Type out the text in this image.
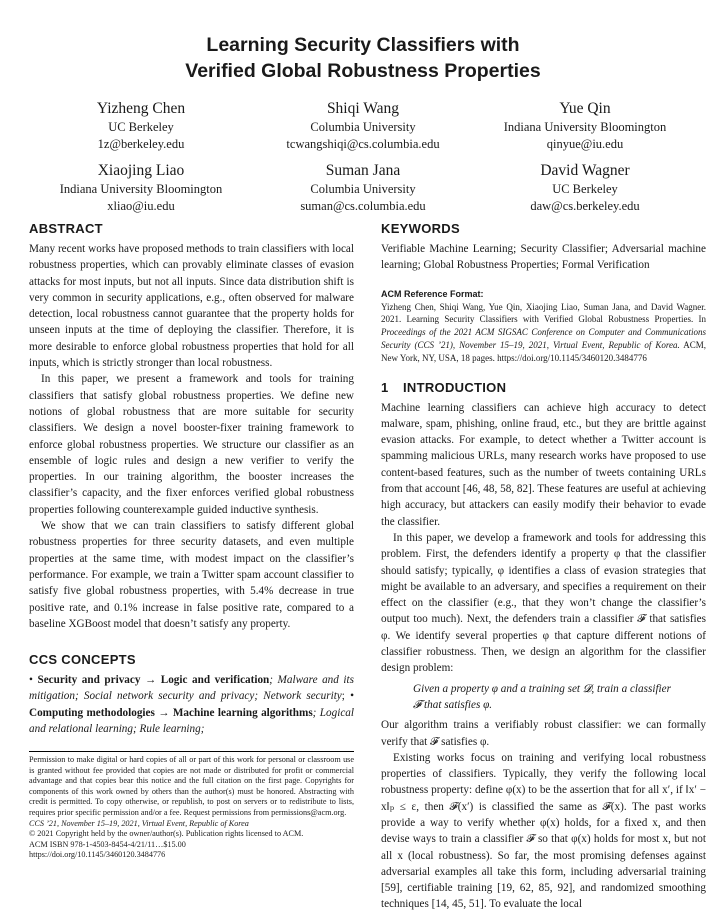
Learning Security Classifiers with
Verified Global Robustness Properties
Yizheng Chen
UC Berkeley
1z@berkeley.edu
Shiqi Wang
Columbia University
tcwangshiqi@cs.columbia.edu
Yue Qin
Indiana University Bloomington
qinyue@iu.edu
Xiaojing Liao
Indiana University Bloomington
xliao@iu.edu
Suman Jana
Columbia University
suman@cs.columbia.edu
David Wagner
UC Berkeley
daw@cs.berkeley.edu
ABSTRACT

Many recent works have proposed methods to train classifiers with local robustness properties, which can provably eliminate classes of evasion attacks for most inputs, but not all inputs. Since data distribution shift is very common in security applications, e.g., often observed for malware detection, local robustness cannot guarantee that the property holds for unseen inputs at the time of deploying the classifier. Therefore, it is more desirable to enforce global robustness properties that hold for all inputs, which is strictly stronger than local robustness.

In this paper, we present a framework and tools for training classifiers that satisfy global robustness properties. We define new notions of global robustness that are more suitable for security classifiers. We design a novel booster-fixer training framework to enforce global robustness properties. We structure our classifier as an ensemble of logic rules and design a new verifier to verify the properties. In our training algorithm, the booster increases the classifier’s capacity, and the fixer enforces verified global robustness properties following counterexample guided inductive synthesis.

We show that we can train classifiers to satisfy different global robustness properties for three security datasets, and even multiple properties at the same time, with modest impact on the classifier’s performance. For example, we train a Twitter spam account classifier to satisfy five global robustness properties, with 5.4% decrease in true positive rate, and 0.1% increase in false positive rate, compared to a baseline XGBoost model that doesn’t satisfy any property.

CCS CONCEPTS
• Security and privacy → Logic and verification; Malware and its mitigation; Social network security and privacy; Network security; • Computing methodologies → Machine learning algorithms; Logical and relational learning; Rule learning;

Permission to make digital or hard copies of all or part of this work for personal or classroom use is granted without fee provided that copies are not made or distributed for profit or commercial advantage and that copies bear this notice and the full citation on the first page. Copyrights for components of this work owned by others than the author(s) must be honored. Abstracting with credit is permitted. To copy otherwise, or republish, to post on servers or to redistribute to lists, requires prior specific permission and/or a fee. Request permissions from permissions@acm.org.

CCS ’21, November 15–19, 2021, Virtual Event, Republic of Korea

© 2021 Copyright held by the owner/author(s). Publication rights licensed to ACM.

ACM ISBN 978-1-4503-8454-4/21/11…$15.00

https://doi.org/10.1145/3460120.3484776

KEYWORDS

Verifiable Machine Learning; Security Classifier; Adversarial machine learning; Global Robustness Properties; Formal Verification

ACM Reference Format:
Yizheng Chen, Shiqi Wang, Yue Qin, Xiaojing Liao, Suman Jana, and David Wagner. 2021. Learning Security Classifiers with Verified Global Robustness Properties. In Proceedings of the 2021 ACM SIGSAC Conference on Computer and Communications Security (CCS ’21), November 15–19, 2021, Virtual Event, Republic of Korea. ACM, New York, NY, USA, 18 pages. https://doi.org/10.1145/3460120.3484776
1 INTRODUCTION

Machine learning classifiers can achieve high accuracy to detect malware, spam, phishing, online fraud, etc., but they are brittle against evasion attacks. For example, to detect whether a Twitter account is spamming malicious URLs, many research works have proposed to use content-based features, such as the number of tweets containing URLs from that account [46, 48, 58, 82]. These features are useful at achieving high accuracy, but attackers can easily modify their behavior to evade the classifier.

In this paper, we develop a framework and tools for addressing this problem. First, the defenders identify a property φ that the classifier should satisfy; typically, φ identifies a class of evasion strategies that might be available to an adversary, and specifies a requirement on their effect on the classifier (e.g., that they won’t change the classifier’s output too much). Next, the defenders train a classifier 𝓕 that satisfies φ. We identify several properties φ that capture different notions of classifier robustness. Then, we design an algorithm for the classifier design problem:

Given a property φ and a training set 𝓓, train a classifier 𝓕 that satisfies φ.

Our algorithm trains a verifiably robust classifier: we can formally verify that 𝓕 satisfies φ.

Existing works focus on training and verifying local robustness properties of classifiers. Typically, they verify the following local robustness property: define φ(x) to be the assertion that for all x′, if ‖x′ − x‖ₚ ≤ ε, then 𝓕(x′) is classified the same as 𝓕(x). The past works provide a way to verify whether φ(x) holds, for a fixed x, and then devise ways to train a classifier 𝓕 so that φ(x) holds for most x, but not all x (local robustness). So far, the most promising defenses against adversarial examples all take this form, including adversarial training [59], certifiable training [19, 62, 85, 92], and randomized smoothing techniques [14, 45, 51]. To evaluate the local
